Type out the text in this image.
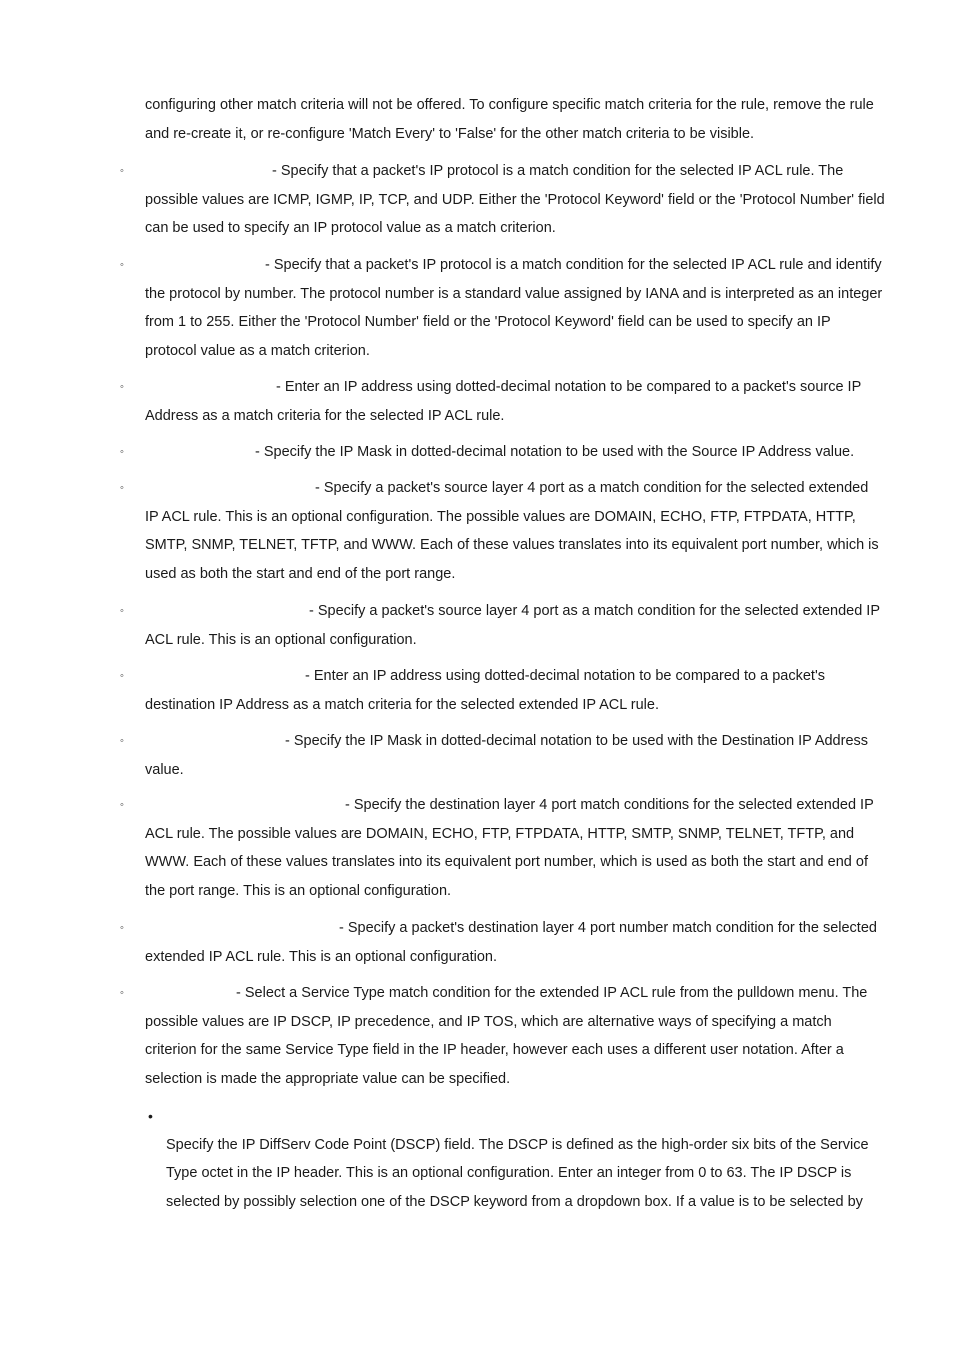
configuring other match criteria will not be offered. To configure specific match criteria for the rule, remove the rule and re-create it, or re-configure 'Match Every' to 'False' for the other match criteria to be visible.

◦	- Specify that a packet's IP protocol is a match condition for the selected IP ACL rule. The possible values are ICMP, IGMP, IP, TCP, and UDP. Either the 'Protocol Keyword' field or the 'Protocol Number' field can be used to specify an IP protocol value as a match criterion.
◦	- Specify that a packet's IP protocol is a match condition for the selected IP ACL rule and identify the protocol by number. The protocol number is a standard value assigned by IANA and is interpreted as an integer from 1 to 255. Either the 'Protocol Number' field or the 'Protocol Keyword' field can be used to specify an IP protocol value as a match criterion.
◦	- Enter an IP address using dotted-decimal notation to be compared to a packet's source IP Address as a match criteria for the selected IP ACL rule.
◦	- Specify the IP Mask in dotted-decimal notation to be used with the Source IP Address value.
◦	- Specify a packet's source layer 4 port as a match condition for the selected extended IP ACL rule. This is an optional configuration. The possible values are DOMAIN, ECHO, FTP, FTPDATA, HTTP, SMTP, SNMP, TELNET, TFTP, and WWW. Each of these values translates into its equivalent port number, which is used as both the start and end of the port range.
◦	- Specify a packet's source layer 4 port as a match condition for the selected extended IP ACL rule. This is an optional configuration.
◦	- Enter an IP address using dotted-decimal notation to be compared to a packet's destination IP Address as a match criteria for the selected extended IP ACL rule.
◦	- Specify the IP Mask in dotted-decimal notation to be used with the Destination IP Address value.
◦	- Specify the destination layer 4 port match conditions for the selected extended IP ACL rule. The possible values are DOMAIN, ECHO, FTP, FTPDATA, HTTP, SMTP, SNMP, TELNET, TFTP, and WWW. Each of these values translates into its equivalent port number, which is used as both the start and end of the port range. This is an optional configuration.
◦	- Specify a packet's destination layer 4 port number match condition for the selected extended IP ACL rule. This is an optional configuration.
◦	- Select a Service Type match condition for the extended IP ACL rule from the pulldown menu. The possible values are IP DSCP, IP precedence, and IP TOS, which are alternative ways of specifying a match criterion for the same Service Type field in the IP header, however each uses a different user notation. After a selection is made the appropriate value can be specified.
•
Specify the IP DiffServ Code Point (DSCP) field. The DSCP is defined as the high-order six bits of the Service Type octet in the IP header. This is an optional configuration. Enter an integer from 0 to 63. The IP DSCP is selected by possibly selection one of the DSCP keyword from a dropdown box. If a value is to be selected by
